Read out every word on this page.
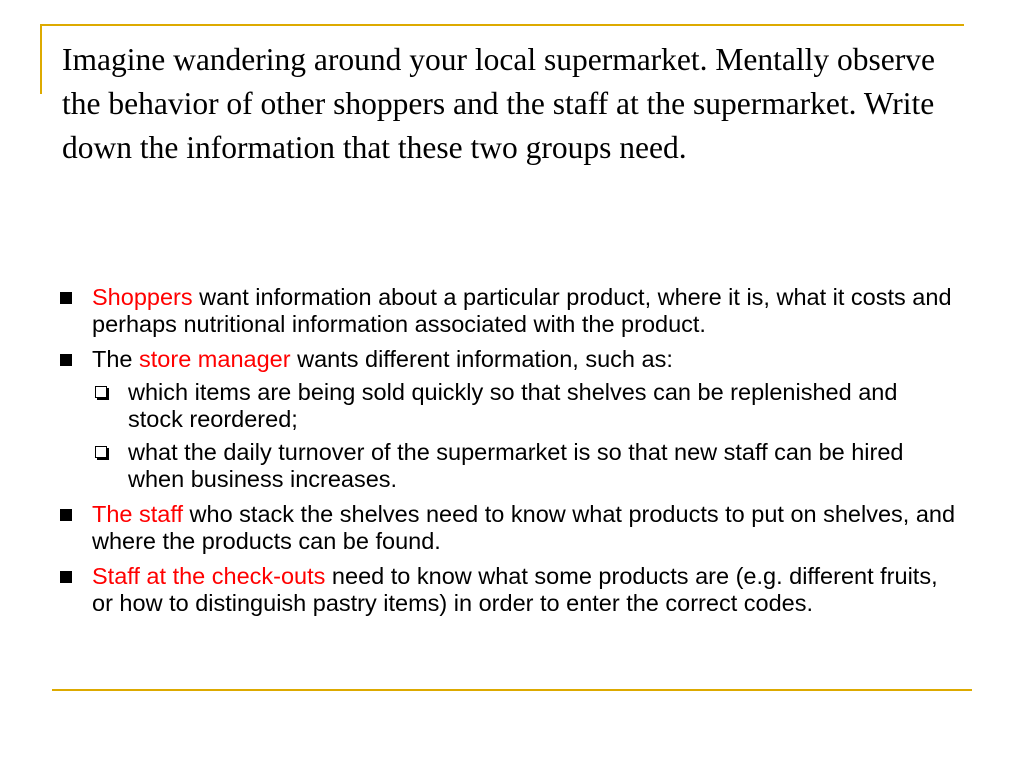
Imagine wandering around your local supermarket. Mentally observe the behavior of other shoppers and the staff at the supermarket. Write down the information that these two groups need.
Shoppers want information about a particular product, where it is, what it costs and perhaps nutritional information associated with the product.
The store manager wants different information, such as:
which items are being sold quickly so that shelves can be replenished and stock reordered;
what the daily turnover of the supermarket is so that new staff can be hired when business increases.
The staff who stack the shelves need to know what products to put on shelves, and where the products can be found.
Staff at the check-outs need to know what some products are (e.g. different fruits, or how to distinguish pastry items) in order to enter the correct codes.
